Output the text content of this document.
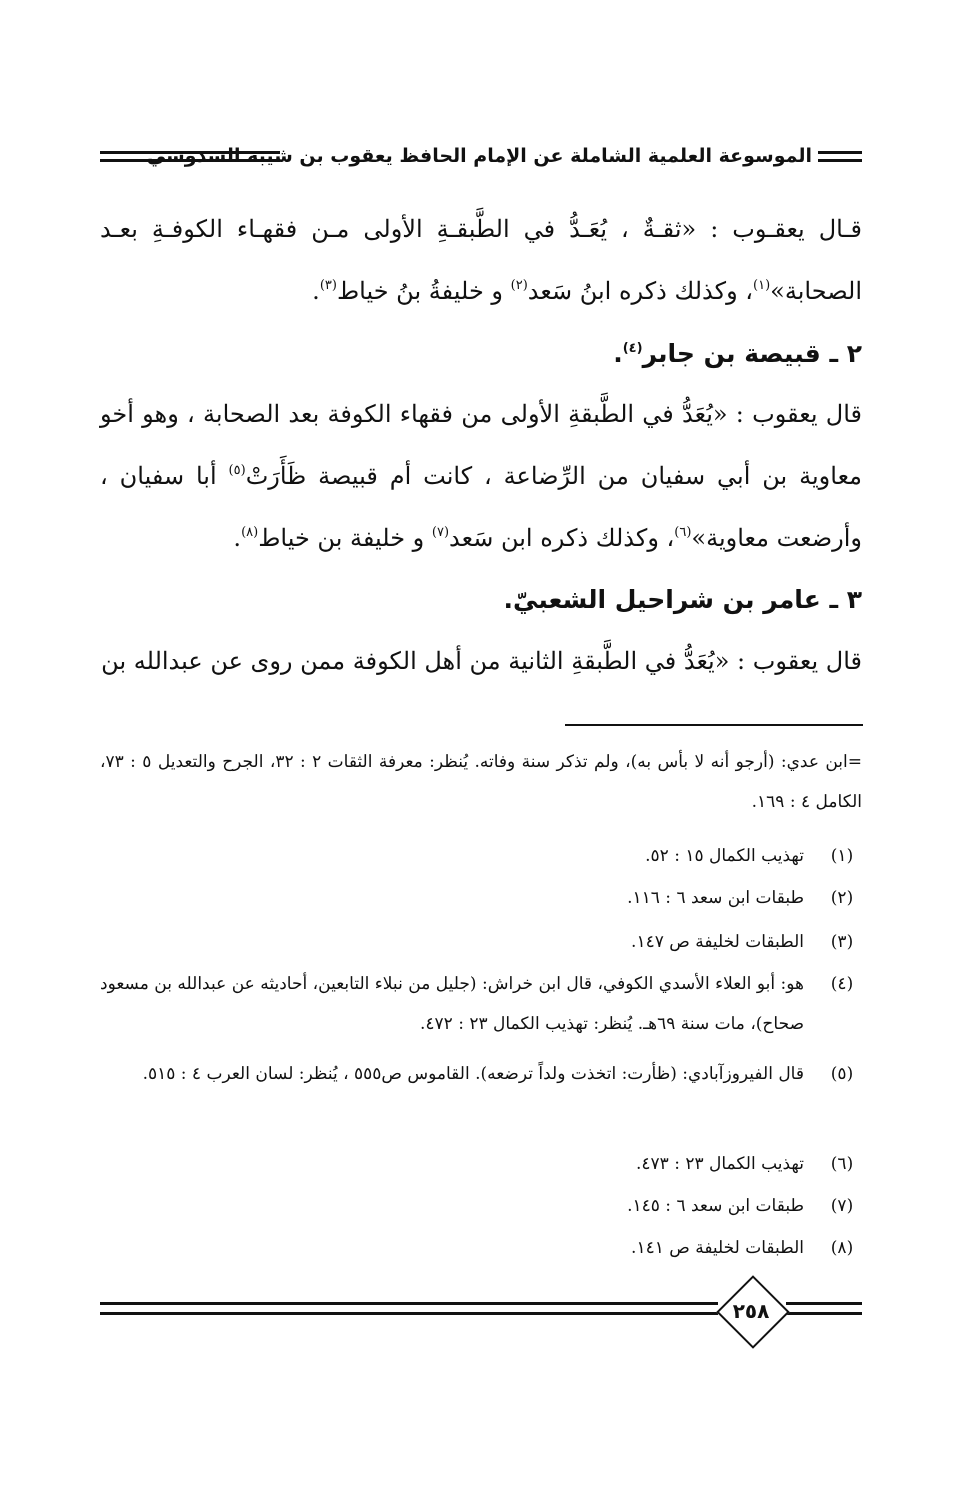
الموسوعة العلمية الشاملة عن الإمام الحافظ يعقوب بن شيبة السدوسي
قـال يعقـوب : «ثقـةٌ ، يُعَـدُّ في الطَّبقـةِ الأولى مـن فقهـاء الكوفـةِ بعـد الصحابة»$^{(١)}$، وكذلك ذكره ابنُ سَعد$^{(٢)}$ و خليفةُ بنُ خياط$^{(٣)}$.
٢ ـ قبيصة بن جابر$^{(٤)}$.
قال يعقوب : «يُعَدُّ في الطَّبقةِ الأولى من فقهاء الكوفة بعد الصحابة ، وهو أخو معاوية بن أبي سفيان من الرِّضاعة ، كانت أم قبيصة ظَأَرَتْ$^{(٥)}$ أبا سفيان ، وأرضعت معاوية»$^{(٦)}$، وكذلك ذكره ابن سَعد$^{(٧)}$ و خليفة بن خياط$^{(٨)}$.
٣ ـ عامر بن شراحيل الشعبيّ.
قال يعقوب : «يُعَدُّ في الطَّبقةِ الثانية من أهل الكوفة ممن روى عن عبدالله بن
=ابن عدي: (أرجو أنه لا بأس به)، ولم تذكر سنة وفاته. يُنظر: معرفة الثقات ٢ : ٣٢، الجرح والتعديل ٥ : ٧٣، الكامل ٤ : ١٦٩.
(١)
تهذيب الكمال ١٥ : ٥٢.
(٢)
طبقات ابن سعد ٦ : ١١٦.
(٣)
الطبقات لخليفة ص ١٤٧.
(٤)
هو: أبو العلاء الأسدي الكوفي، قال ابن خراش: (جليل من نبلاء التابعين، أحاديثه عن عبدالله بن مسعود صحاح)، مات سنة ٦٩هـ. يُنظر: تهذيب الكمال ٢٣ : ٤٧٢.
(٥)
قال الفيروزآبادي: (ظأرت: اتخذت ولداً ترضعه). القاموس ص٥٥٥ ، يُنظر: لسان العرب ٤ : ٥١٥.
(٦)
تهذيب الكمال ٢٣ : ٤٧٣.
(٧)
طبقات ابن سعد ٦ : ١٤٥.
(٨)
الطبقات لخليفة ص ١٤١.
٢٥٨
